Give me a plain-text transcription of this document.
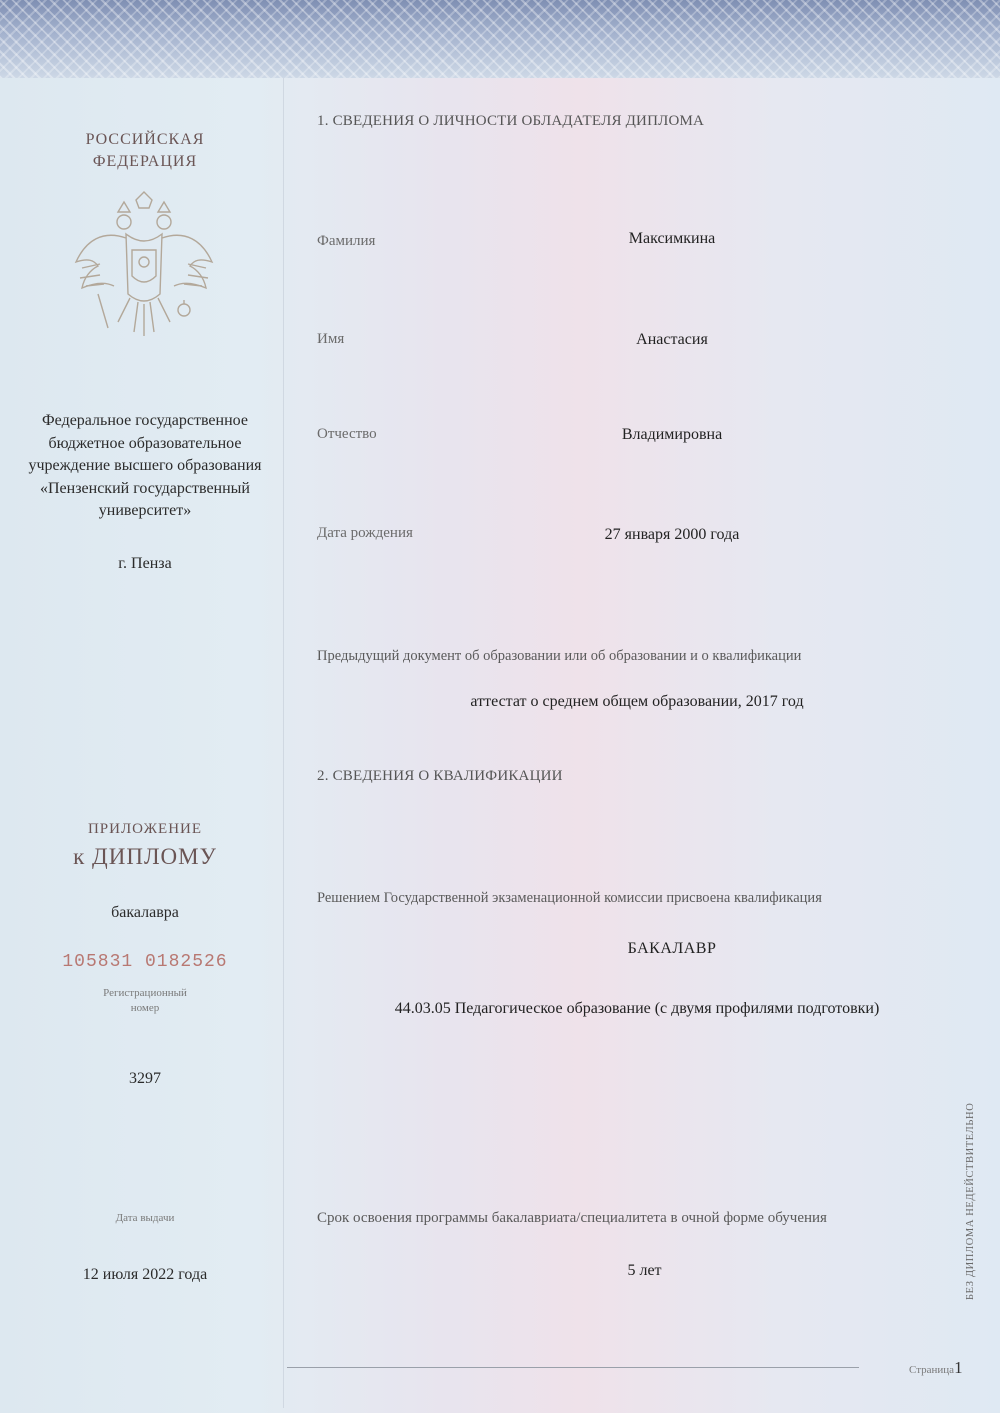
РОССИЙСКАЯ
ФЕДЕРАЦИЯ
Федеральное государственное
бюджетное образовательное
учреждение высшего образования
«Пензенский государственный
университет»
г. Пенза
ПРИЛОЖЕНИЕ
к ДИПЛОМУ
бакалавра
105831 0182526
Регистрационный
номер
3297
Дата выдачи
12 июля 2022 года
1. СВЕДЕНИЯ О ЛИЧНОСТИ ОБЛАДАТЕЛЯ ДИПЛОМА
Фамилия	Максимкина
Имя	Анастасия
Отчество	Владимировна
Дата рождения	27 января 2000 года
Предыдущий документ об образовании или об образовании и о квалификации
аттестат о среднем общем образовании, 2017 год
2. СВЕДЕНИЯ О КВАЛИФИКАЦИИ
Решением Государственной экзаменационной комиссии присвоена квалификация
БАКАЛАВР
44.03.05 Педагогическое образование (с двумя профилями подготовки)
Срок освоения программы бакалавриата/специалитета в очной форме обучения
5 лет
Страница1
БЕЗ ДИПЛОМА НЕДЕЙСТВИТЕЛЬНО
